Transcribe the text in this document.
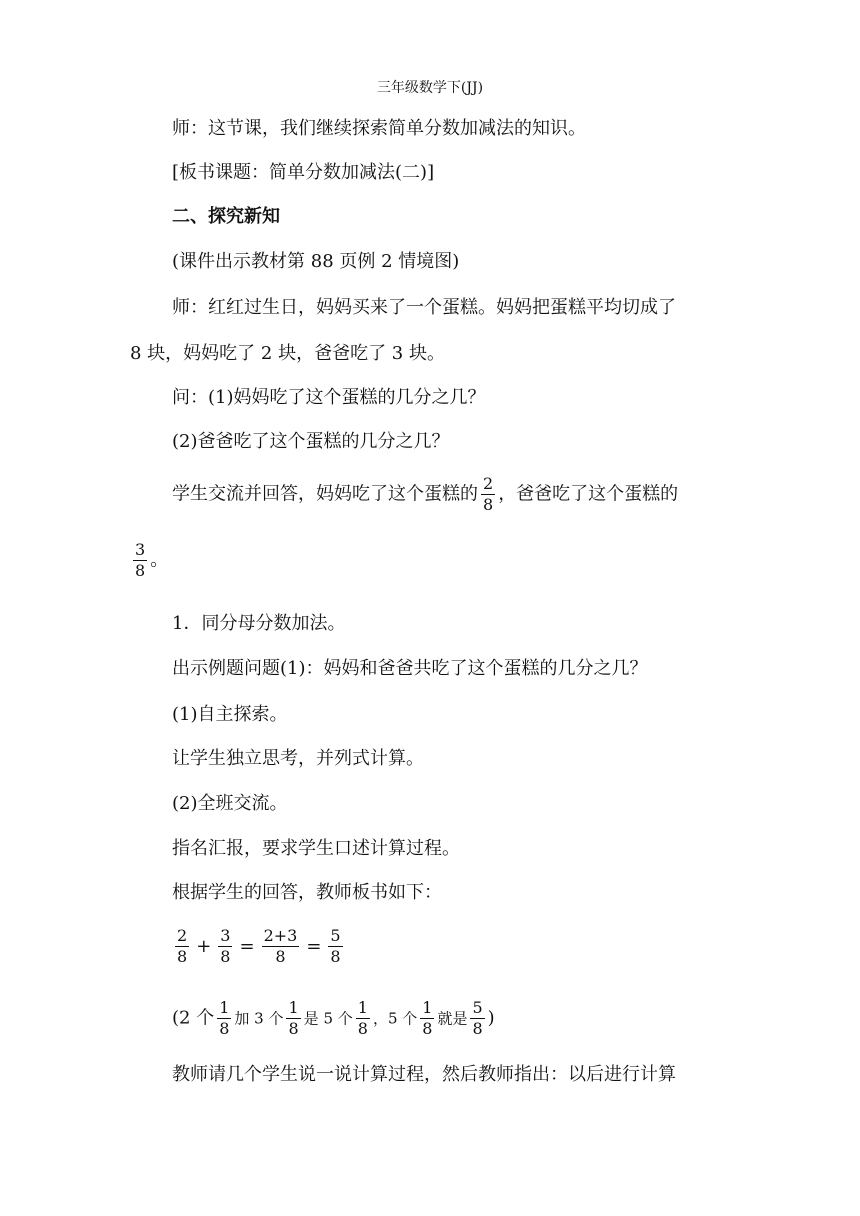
三年级数学下(JJ)
师：这节课，我们继续探索简单分数加减法的知识。
[板书课题：简单分数加减法(二)]
二、探究新知
(课件出示教材第 88 页例 2 情境图)
师：红红过生日，妈妈买来了一个蛋糕。妈妈把蛋糕平均切成了
8 块，妈妈吃了 2 块，爸爸吃了 3 块。
问：(1)妈妈吃了这个蛋糕的几分之几？
(2)爸爸吃了这个蛋糕的几分之几？
学生交流并回答，妈妈吃了这个蛋糕的 $\frac{2}{8}$ ，爸爸吃了这个蛋糕的
$\frac{3}{8}$ 。
1．同分母分数加法。
出示例题问题(1)：妈妈和爸爸共吃了这个蛋糕的几分之几？
(1)自主探索。
让学生独立思考，并列式计算。
(2)全班交流。
指名汇报，要求学生口述计算过程。
根据学生的回答，教师板书如下：
$\frac{2}{8} + \frac{3}{8} = \frac{2+3}{8} = \frac{5}{8}$
(2 个 $\frac{1}{8}$ 加 3 个 $\frac{1}{8}$ 是 5 个 $\frac{1}{8}$ ，5 个 $\frac{1}{8}$ 就是 $\frac{5}{8}$ )
教师请几个学生说一说计算过程，然后教师指出：以后进行计算
